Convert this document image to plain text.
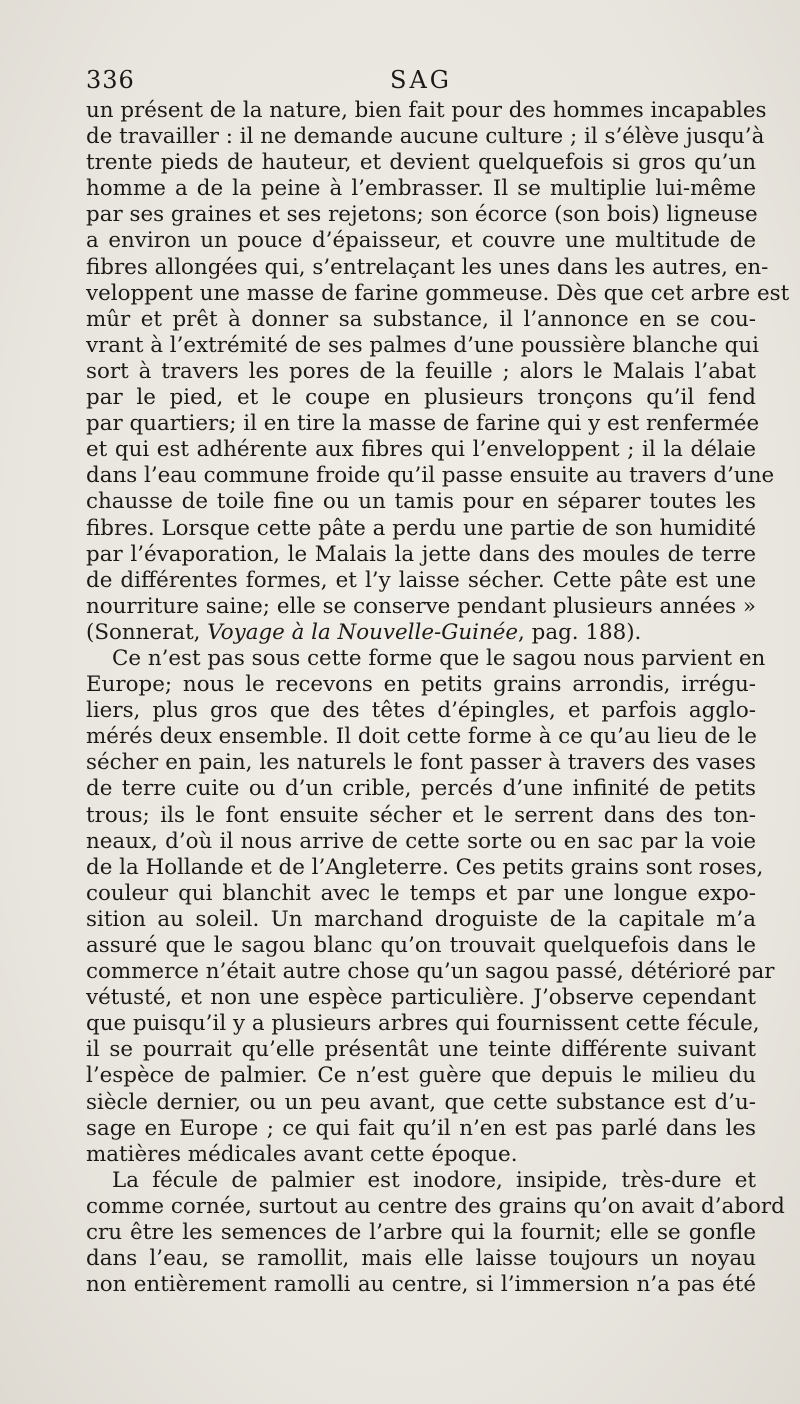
336	SAG
un présent de la nature, bien fait pour des hommes incapables
de travailler : il ne demande aucune culture ; il s’élève jusqu’à
trente pieds de hauteur, et devient quelquefois si gros qu’un
homme a de la peine à l’embrasser. Il se multiplie lui-même
par ses graines et ses rejetons; son écorce (son bois) ligneuse
a environ un pouce d’épaisseur, et couvre une multitude de
fibres allongées qui, s’entrelaçant les unes dans les autres, en-
veloppent une masse de farine gommeuse. Dès que cet arbre est
mûr et prêt à donner sa substance, il l’annonce en se cou-
vrant à l’extrémité de ses palmes d’une poussière blanche qui
sort à travers les pores de la feuille ; alors le Malais l’abat
par le pied, et le coupe en plusieurs tronçons qu’il fend
par quartiers; il en tire la masse de farine qui y est renfermée
et qui est adhérente aux fibres qui l’enveloppent ; il la délaie
dans l’eau commune froide qu’il passe ensuite au travers d’une
chausse de toile fine ou un tamis pour en séparer toutes les
fibres. Lorsque cette pâte a perdu une partie de son humidité
par l’évaporation, le Malais la jette dans des moules de terre
de différentes formes, et l’y laisse sécher. Cette pâte est une
nourriture saine; elle se conserve pendant plusieurs années »
(Sonnerat, Voyage à la Nouvelle-Guinée, pag. 188).
Ce n’est pas sous cette forme que le sagou nous parvient en
Europe; nous le recevons en petits grains arrondis, irrégu-
liers, plus gros que des têtes d’épingles, et parfois agglo-
mérés deux ensemble. Il doit cette forme à ce qu’au lieu de le
sécher en pain, les naturels le font passer à travers des vases
de terre cuite ou d’un crible, percés d’une infinité de petits
trous; ils le font ensuite sécher et le serrent dans des ton-
neaux, d’où il nous arrive de cette sorte ou en sac par la voie
de la Hollande et de l’Angleterre. Ces petits grains sont roses,
couleur qui blanchit avec le temps et par une longue expo-
sition au soleil. Un marchand droguiste de la capitale m’a
assuré que le sagou blanc qu’on trouvait quelquefois dans le
commerce n’était autre chose qu’un sagou passé, détérioré par
vétusté, et non une espèce particulière. J’observe cependant
que puisqu’il y a plusieurs arbres qui fournissent cette fécule,
il se pourrait qu’elle présentât une teinte différente suivant
l’espèce de palmier. Ce n’est guère que depuis le milieu du
siècle dernier, ou un peu avant, que cette substance est d’u-
sage en Europe ; ce qui fait qu’il n’en est pas parlé dans les
matières médicales avant cette époque.
La fécule de palmier est inodore, insipide, très-dure et
comme cornée, surtout au centre des grains qu’on avait d’abord
cru être les semences de l’arbre qui la fournit; elle se gonfle
dans l’eau, se ramollit, mais elle laisse toujours un noyau
non entièrement ramolli au centre, si l’immersion n’a pas été
